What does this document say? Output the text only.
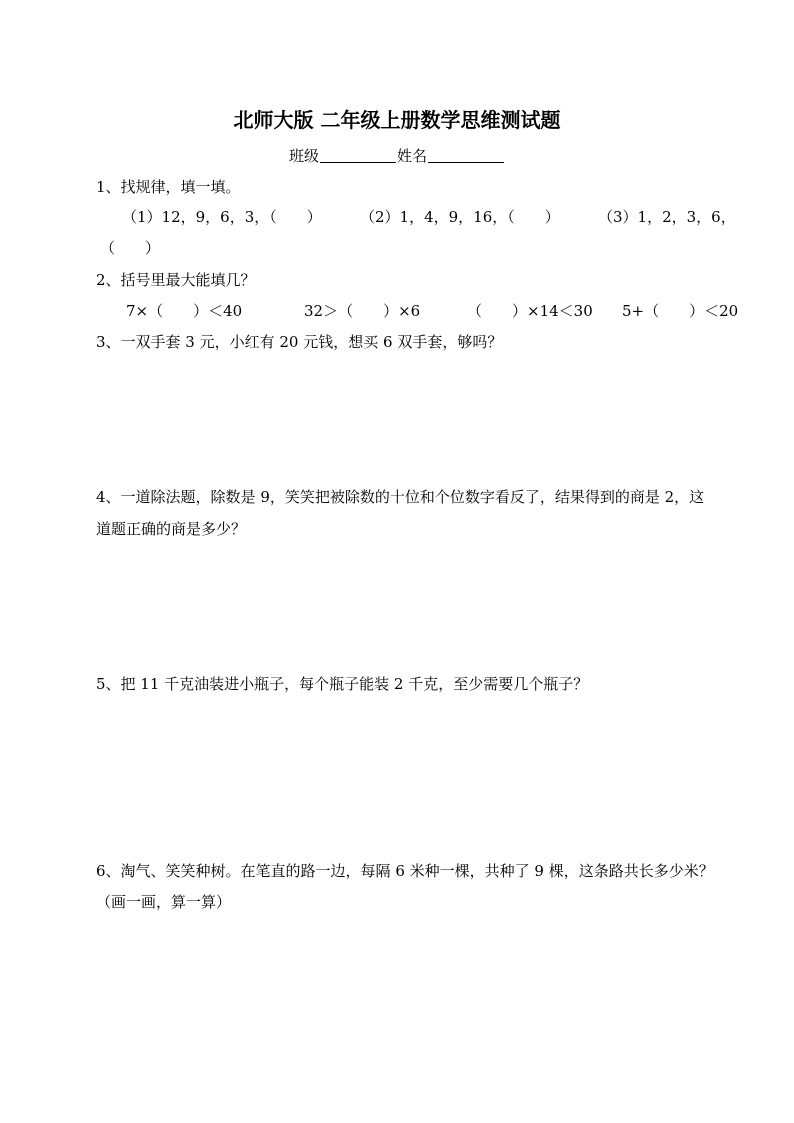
北师大版 二年级上册数学思维测试题
班级	姓名
1、找规律，填一填。
（1）12，9，6，3，（　　）	（2）1，4，9，16，（　　）	（3）1，2，3，6，
（　　）
2、括号里最大能填几？
7×（　　）＜40	32＞（　　）×6	（　　）×14＜30 5+（　　）＜20
3、一双手套 3 元，小红有 20 元钱，想买 6 双手套，够吗？
4、一道除法题，除数是 9，笑笑把被除数的十位和个位数字看反了，结果得到的商是 2，这
道题正确的商是多少？
5、把 11 千克油装进小瓶子，每个瓶子能装 2 千克，至少需要几个瓶子？
6、淘气、笑笑种树。在笔直的路一边，每隔 6 米种一棵，共种了 9 棵，这条路共长多少米？
（画一画，算一算）
